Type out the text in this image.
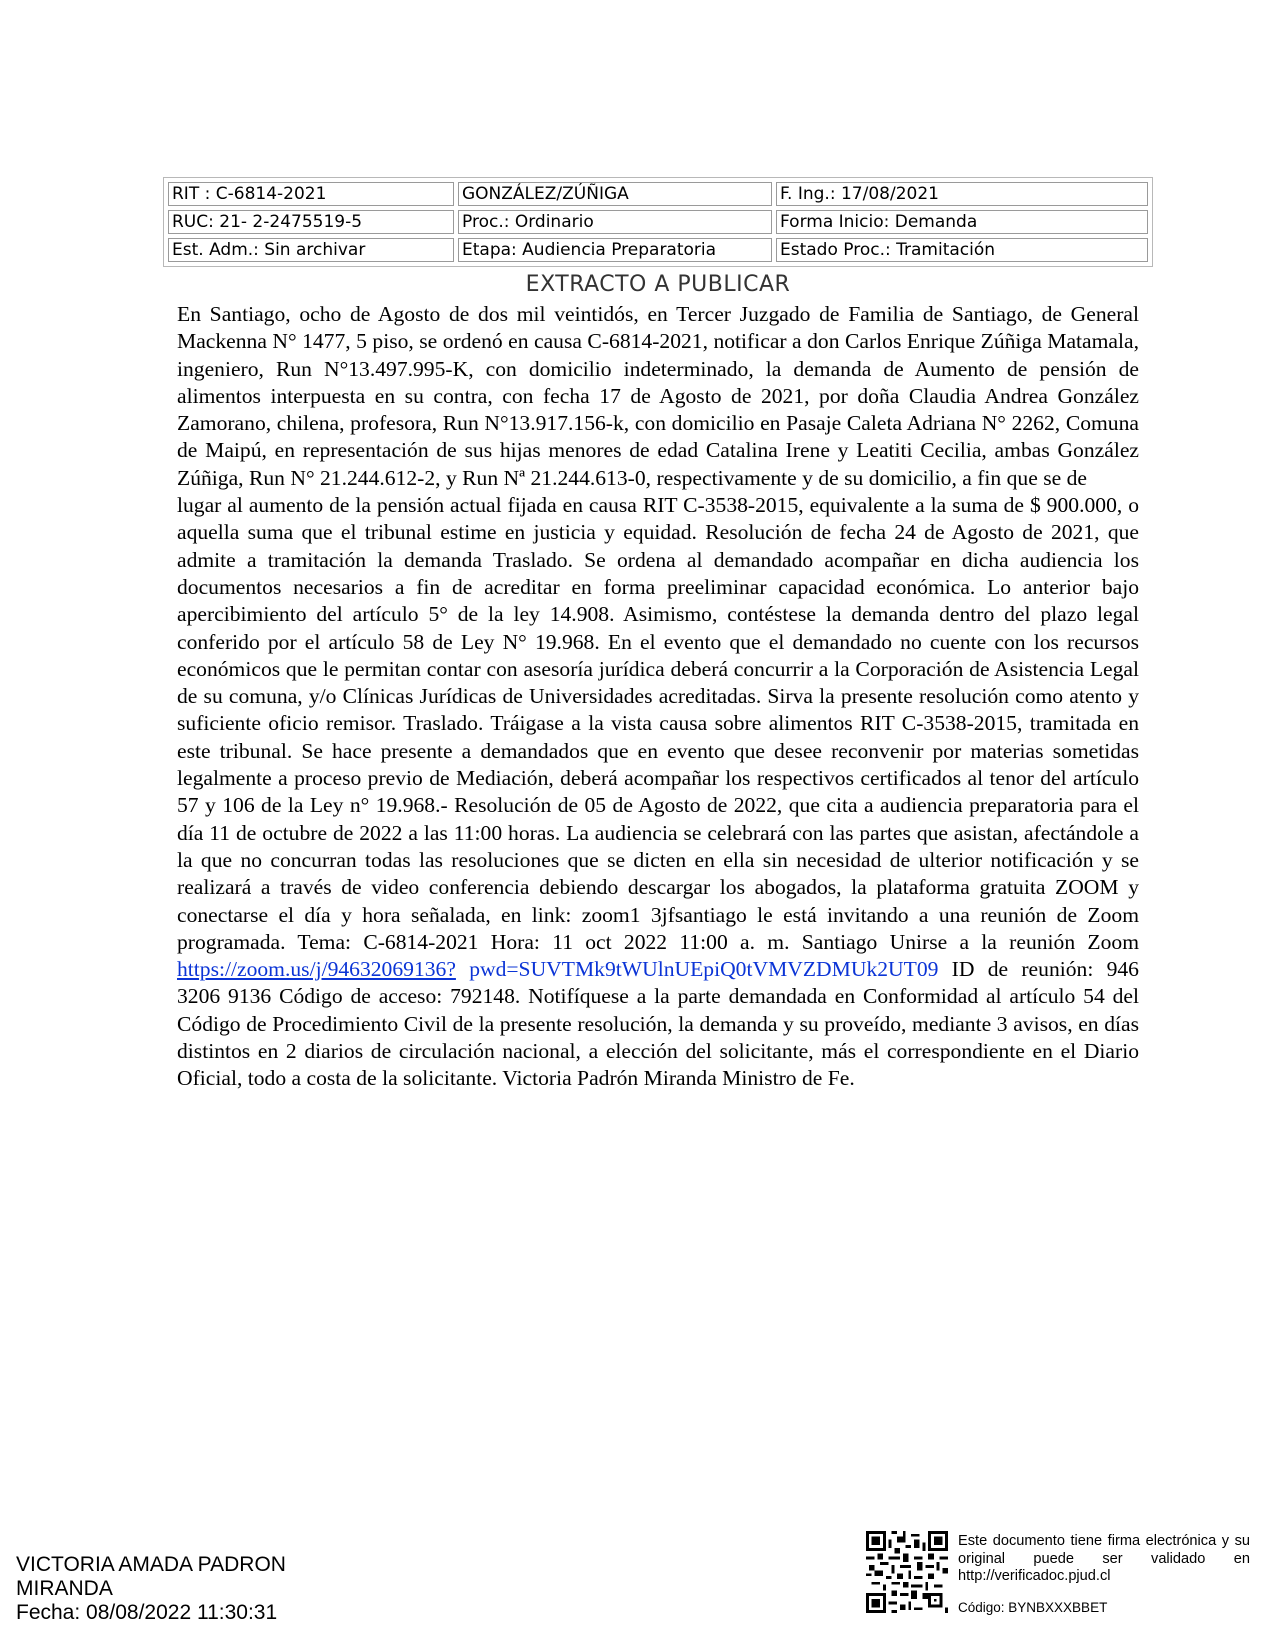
RIT : C-6814-2021	GONZÁLEZ/ZÚÑIGA	F. Ing.: 17/08/2021
RUC: 21- 2-2475519-5	Proc.: Ordinario	Forma Inicio: Demanda
Est. Adm.: Sin archivar	Etapa: Audiencia Preparatoria	Estado Proc.: Tramitación
EXTRACTO A PUBLICAR

En Santiago, ocho de Agosto de dos mil veintidós, en Tercer Juzgado de Familia de Santiago, de General Mackenna N° 1477, 5 piso, se ordenó en causa C-6814-2021, notificar a don Carlos Enrique Zúñiga Matamala, ingeniero, Run N°13.497.995-K, con domicilio indeterminado, la demanda de Aumento de pensión de alimentos interpuesta en su contra, con fecha 17 de Agosto de 2021, por doña Claudia Andrea González Zamorano, chilena, profesora, Run N°13.917.156-k, con domicilio en Pasaje Caleta Adriana N° 2262, Comuna de Maipú, en representación de sus hijas menores de edad Catalina Irene y Leatiti Cecilia, ambas González Zúñiga, Run N° 21.244.612-2, y Run Nª 21.244.613-0, respectivamente y de su domicilio, a fin que se de

lugar al aumento de la pensión actual fijada en causa RIT C-3538-2015, equivalente a la suma de $ 900.000, o aquella suma que el tribunal estime en justicia y equidad. Resolución de fecha 24 de Agosto de 2021, que admite a tramitación la demanda Traslado. Se ordena al demandado acompañar en dicha audiencia los documentos necesarios a fin de acreditar en forma preeliminar capacidad económica. Lo anterior bajo apercibimiento del artículo 5° de la ley 14.908. Asimismo, contéstese la demanda dentro del plazo legal conferido por el artículo 58 de Ley N° 19.968. En el evento que el demandado no cuente con los recursos económicos que le permitan contar con asesoría jurídica deberá concurrir a la Corporación de Asistencia Legal de su comuna, y/o Clínicas Jurídicas de Universidades acreditadas. Sirva la presente resolución como atento y suficiente oficio remisor. Traslado. Tráigase a la vista causa sobre alimentos RIT C-3538-2015, tramitada en este tribunal. Se hace presente a demandados que en evento que desee reconvenir por materias sometidas legalmente a proceso previo de Mediación, deberá acompañar los respectivos certificados al tenor del artículo 57 y 106 de la Ley n° 19.968.- Resolución de 05 de Agosto de 2022, que cita a audiencia preparatoria para el día 11 de octubre de 2022 a las 11:00 horas. La audiencia se celebrará con las partes que asistan, afectándole a la que no concurran todas las resoluciones que se dicten en ella sin necesidad de ulterior notificación y se realizará a través de video conferencia debiendo descargar los abogados, la plataforma gratuita ZOOM y conectarse el día y hora señalada, en link: zoom1 3jfsantiago le está invitando a una reunión de Zoom programada. Tema: C-6814-2021 Hora: 11 oct 2022 11:00 a. m. Santiago Unirse a la reunión Zoom https://zoom.us/j/94632069136? pwd=SUVTMk9tWUlnUEpiQ0tVMVZDMUk2UT09 ID de reunión: 946 3206 9136 Código de acceso: 792148. Notifíquese a la parte demandada en Conformidad al artículo 54 del Código de Procedimiento Civil de la presente resolución, la demanda y su proveído, mediante 3 avisos, en días distintos en 2 diarios de circulación nacional, a elección del solicitante, más el correspondiente en el Diario Oficial, todo a costa de la solicitante. Victoria Padrón Miranda Ministro de Fe.

VICTORIA AMADA PADRON
MIRANDA
Fecha: 08/08/2022 11:30:31
Este documento tiene firma electrónica y su original puede ser validado en http://verificadoc.pjud.cl
Código: BYNBXXXBBET
